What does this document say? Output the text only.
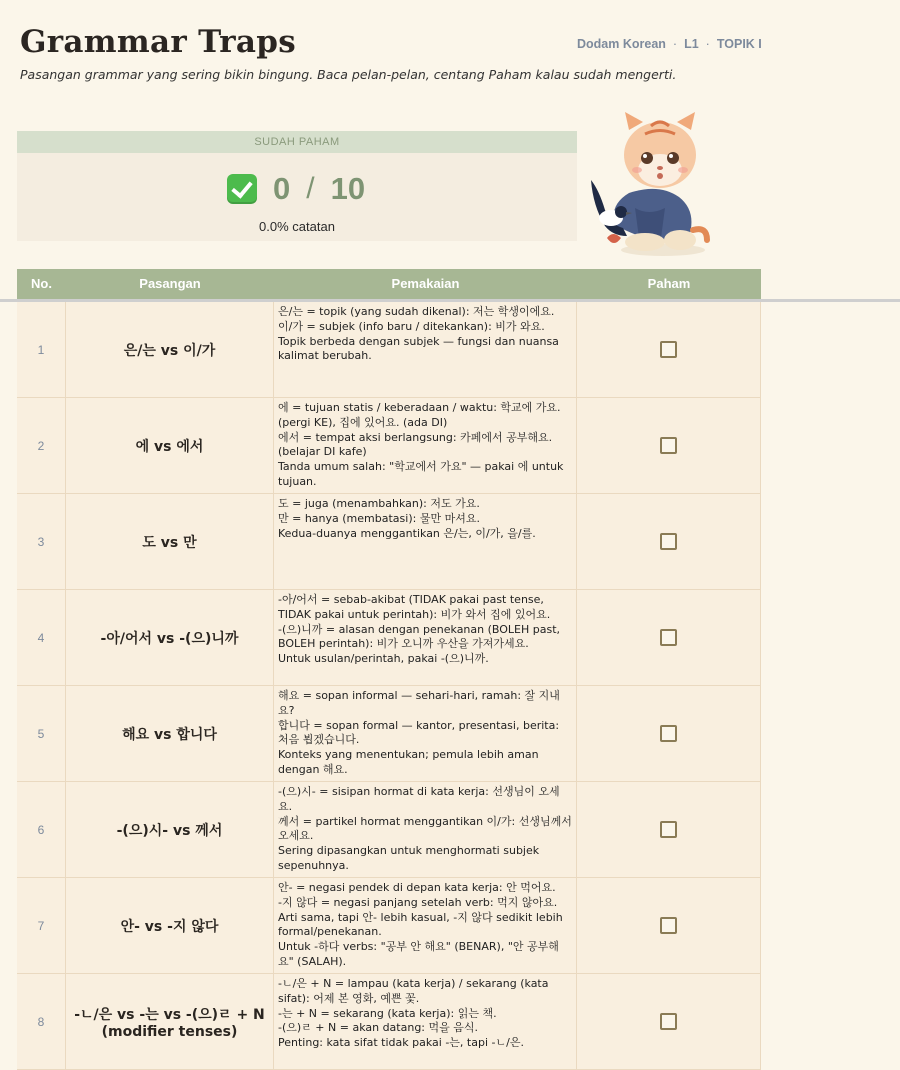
Grammar Traps	Dodam Korean · L1 · TOPIK I
Pasangan grammar yang sering bikin bingung. Baca pelan-pelan, centang Paham kalau sudah mengerti.
SUDAH PAHAM
0 / 10
0.0% catatan
No.	Pasangan	Pemakaian	Paham
1	은/는 vs 이/가
은/는 = topik (yang sudah dikenal): 저는 학생이에요.
이/가 = subjek (info baru / ditekankan): 비가 와요.
Topik berbeda dengan subjek — fungsi dan nuansa kalimat berubah.
2	에 vs 에서
에 = tujuan statis / keberadaan / waktu: 학교에 가요. (pergi KE), 집에 있어요. (ada DI)
에서 = tempat aksi berlangsung: 카페에서 공부해요. (belajar DI kafe)
Tanda umum salah: "학교에서 가요" — pakai 에 untuk tujuan.
3	도 vs 만
도 = juga (menambahkan): 저도 가요.
만 = hanya (membatasi): 물만 마셔요.
Kedua-duanya menggantikan 은/는, 이/가, 을/를.
4	-아/어서 vs -(으)니까
-아/어서 = sebab-akibat (TIDAK pakai past tense, TIDAK pakai untuk perintah): 비가 와서 집에 있어요.
-(으)니까 = alasan dengan penekanan (BOLEH past, BOLEH perintah): 비가 오니까 우산을 가져가세요.
Untuk usulan/perintah, pakai -(으)니까.
5	해요 vs 합니다
해요 = sopan informal — sehari-hari, ramah: 잘 지내요?
합니다 = sopan formal — kantor, presentasi, berita: 처음 뵙겠습니다.
Konteks yang menentukan; pemula lebih aman dengan 해요.
6	-(으)시- vs 께서
-(으)시- = sisipan hormat di kata kerja: 선생님이 오세요.
께서 = partikel hormat menggantikan 이/가: 선생님께서 오세요.
Sering dipasangkan untuk menghormati subjek sepenuhnya.
7	안- vs -지 않다
안- = negasi pendek di depan kata kerja: 안 먹어요.
-지 않다 = negasi panjang setelah verb: 먹지 않아요.
Arti sama, tapi 안- lebih kasual, -지 않다 sedikit lebih formal/penekanan.
Untuk -하다 verbs: "공부 안 해요" (BENAR), "안 공부해요" (SALAH).
8	-ㄴ/은 vs -는 vs -(으)ㄹ + N (modifier tenses)
-ㄴ/은 + N = lampau (kata kerja) / sekarang (kata sifat): 어제 본 영화, 예쁜 꽃.
-는 + N = sekarang (kata kerja): 읽는 책.
-(으)ㄹ + N = akan datang: 먹을 음식.
Penting: kata sifat tidak pakai -는, tapi -ㄴ/은.
